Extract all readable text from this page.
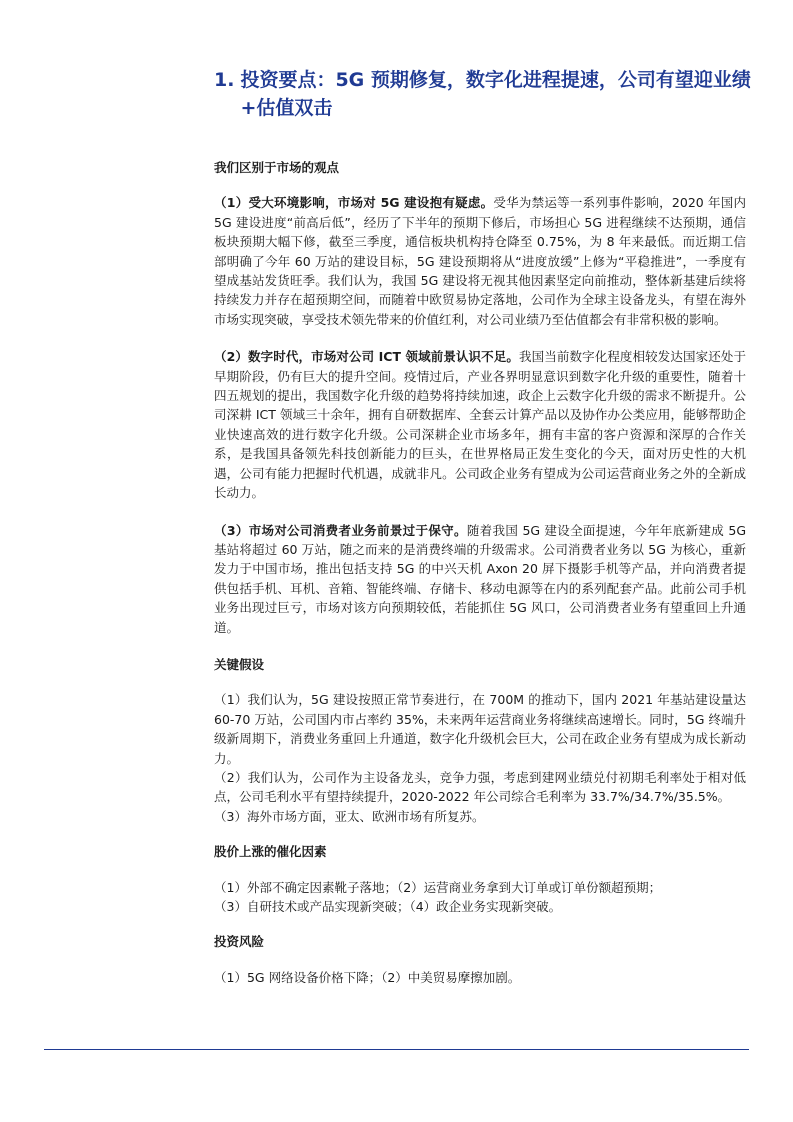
1. 投资要点：5G 预期修复，数字化进程提速，公司有望迎业绩+估值双击
我们区别于市场的观点

（1）受大环境影响，市场对 5G 建设抱有疑虑。受华为禁运等一系列事件影响，2020 年国内 5G 建设进度“前高后低”，经历了下半年的预期下修后，市场担心 5G 进程继续不达预期，通信板块预期大幅下修，截至三季度，通信板块机构持仓降至 0.75%，为 8 年来最低。而近期工信部明确了今年 60 万站的建设目标，5G 建设预期将从“进度放缓”上修为“平稳推进”，一季度有望成基站发货旺季。我们认为，我国 5G 建设将无视其他因素坚定向前推动，整体新基建后续将持续发力并存在超预期空间，而随着中欧贸易协定落地，公司作为全球主设备龙头，有望在海外市场实现突破，享受技术领先带来的价值红利，对公司业绩乃至估值都会有非常积极的影响。

（2）数字时代，市场对公司 ICT 领域前景认识不足。我国当前数字化程度相较发达国家还处于早期阶段，仍有巨大的提升空间。疫情过后，产业各界明显意识到数字化升级的重要性，随着十四五规划的提出，我国数字化升级的趋势将持续加速，政企上云数字化升级的需求不断提升。公司深耕 ICT 领域三十余年，拥有自研数据库、全套云计算产品以及协作办公类应用，能够帮助企业快速高效的进行数字化升级。公司深耕企业市场多年，拥有丰富的客户资源和深厚的合作关系，是我国具备领先科技创新能力的巨头，在世界格局正发生变化的今天，面对历史性的大机遇，公司有能力把握时代机遇，成就非凡。公司政企业务有望成为公司运营商业务之外的全新成长动力。

（3）市场对公司消费者业务前景过于保守。随着我国 5G 建设全面提速，今年年底新建成 5G 基站将超过 60 万站，随之而来的是消费终端的升级需求。公司消费者业务以 5G 为核心，重新发力于中国市场，推出包括支持 5G 的中兴天机 Axon 20 屏下摄影手机等产品，并向消费者提供包括手机、耳机、音箱、智能终端、存储卡、移动电源等在内的系列配套产品。此前公司手机业务出现过巨亏，市场对该方向预期较低，若能抓住 5G 风口，公司消费者业务有望重回上升通道。

关键假设

（1）我们认为，5G 建设按照正常节奏进行，在 700M 的推动下，国内 2021 年基站建设量达 60-70 万站，公司国内市占率约 35%，未来两年运营商业务将继续高速增长。同时，5G 终端升级新周期下，消费业务重回上升通道，数字化升级机会巨大，公司在政企业务有望成为成长新动力。

（2）我们认为，公司作为主设备龙头，竞争力强，考虑到建网业绩兑付初期毛利率处于相对低点，公司毛利水平有望持续提升，2020-2022 年公司综合毛利率为 33.7%/34.7%/35.5%。

（3）海外市场方面，亚太、欧洲市场有所复苏。

股价上涨的催化因素

（1）外部不确定因素靴子落地；（2）运营商业务拿到大订单或订单份额超预期；

（3）自研技术或产品实现新突破；（4）政企业务实现新突破。

投资风险

（1）5G 网络设备价格下降；（2）中美贸易摩擦加剧。
